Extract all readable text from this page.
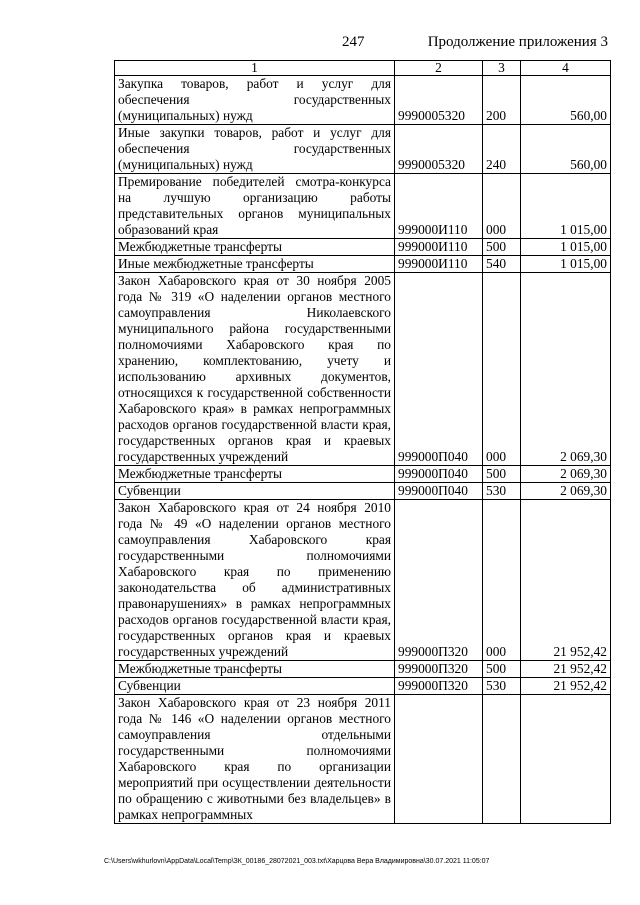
247	Продолжение приложения 3
1	2	3	4
Закупка товаров, работ и услуг для обеспечения государственных (муниципальных) нужд	9990005320	200	560,00
Иные закупки товаров, работ и услуг для обеспечения государственных (муниципальных) нужд	9990005320	240	560,00
Премирование победителей смотра-конкурса на лучшую организацию работы представительных органов муниципальных образований края	999000И110	000	1 015,00
Межбюджетные трансферты	999000И110	500	1 015,00
Иные межбюджетные трансферты	999000И110	540	1 015,00
Закон Хабаровского края от 30 ноября 2005 года № 319 «О наделении органов местного самоуправления Николаевского муниципального района государственными полномочиями Хабаровского края по хранению, комплектованию, учету и использованию архивных документов, относящихся к государственной собственности Хабаровского края» в рамках непрограммных расходов органов государственной власти края, государственных органов края и краевых государственных учреждений	999000П040	000	2 069,30
Межбюджетные трансферты	999000П040	500	2 069,30
Субвенции	999000П040	530	2 069,30
Закон Хабаровского края от 24 ноября 2010 года № 49 «О наделении органов местного самоуправления Хабаровского края государственными полномочиями Хабаровского края по применению законодательства об административных правонарушениях» в рамках непрограммных расходов органов государственной власти края, государственных органов края и краевых государственных учреждений	999000П320	000	21 952,42
Межбюджетные трансферты	999000П320	500	21 952,42
Субвенции	999000П320	530	21 952,42
Закон Хабаровского края от 23 ноября 2011 года № 146 «О наделении органов местного самоуправления отдельными государственными полномочиями Хабаровского края по организации мероприятий при осуществлении деятельности по обращению с животными без владельцев» в рамках непрограммных			
C:\Users\wkhurlovn\AppData\Local\Temp\ЗК_00186_28072021_003.txt\Харцова Вера Владимировна\30.07.2021 11:05:07
